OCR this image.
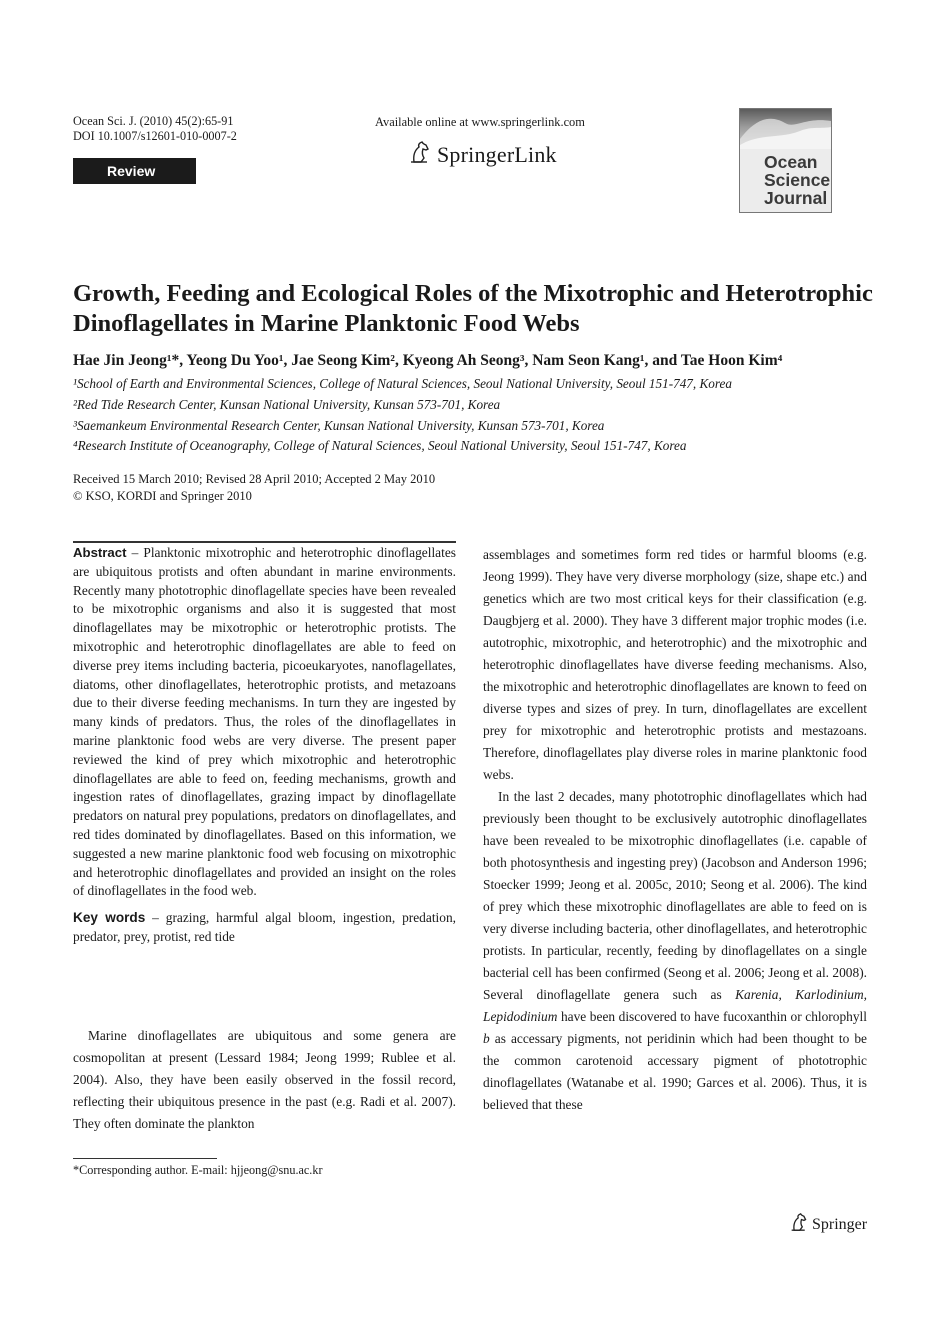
Ocean Sci. J. (2010) 45(2):65-91
DOI 10.1007/s12601-010-0007-2
Review
Available online at www.springerlink.com
SpringerLink	Ocean
Science
Journal
Growth, Feeding and Ecological Roles of the Mixotrophic and Heterotrophic
Dinoflagellates in Marine Planktonic Food Webs
Hae Jin Jeong¹*, Yeong Du Yoo¹, Jae Seong Kim², Kyeong Ah Seong³, Nam Seon Kang¹, and Tae Hoon Kim⁴
¹School of Earth and Environmental Sciences, College of Natural Sciences, Seoul National University, Seoul 151-747, Korea
²Red Tide Research Center, Kunsan National University, Kunsan 573-701, Korea
³Saemankeum Environmental Research Center, Kunsan National University, Kunsan 573-701, Korea
⁴Research Institute of Oceanography, College of Natural Sciences, Seoul National University, Seoul 151-747, Korea
Received 15 March 2010; Revised 28 April 2010; Accepted 2 May 2010
© KSO, KORDI and Springer 2010

Abstract – Planktonic mixotrophic and heterotrophic dinoflagellates are ubiquitous protists and often abundant in marine environments. Recently many phototrophic dinoflagellate species have been revealed to be mixotrophic organisms and also it is suggested that most dinoflagellates may be mixotrophic or heterotrophic protists. The mixotrophic and heterotrophic dinoflagellates are able to feed on diverse prey items including bacteria, picoeukaryotes, nanoflagellates, diatoms, other dinoflagellates, heterotrophic protists, and metazoans due to their diverse feeding mechanisms. In turn they are ingested by many kinds of predators. Thus, the roles of the dinoflagellates in marine planktonic food webs are very diverse. The present paper reviewed the kind of prey which mixotrophic and heterotrophic dinoflagellates are able to feed on, feeding mechanisms, growth and ingestion rates of dinoflagellates, grazing impact by dinoflagellate predators on natural prey populations, predators on dinoflagellates, and red tides dominated by dinoflagellates. Based on this information, we suggested a new marine planktonic food web focusing on mixotrophic and heterotrophic dinoflagellates and provided an insight on the roles of dinoflagellates in the food web.

Key words – grazing, harmful algal bloom, ingestion, predation, predator, prey, protist, red tide

Marine dinoflagellates are ubiquitous and some genera are cosmopolitan at present (Lessard 1984; Jeong 1999; Rublee et al. 2004). Also, they have been easily observed in the fossil record, reflecting their ubiquitous presence in the past (e.g. Radi et al. 2007). They often dominate the plankton

assemblages and sometimes form red tides or harmful blooms (e.g. Jeong 1999). They have very diverse morphology (size, shape etc.) and genetics which are two most critical keys for their classification (e.g. Daugbjerg et al. 2000). They have 3 different major trophic modes (i.e. autotrophic, mixotrophic, and heterotrophic) and the mixotrophic and heterotrophic dinoflagellates have diverse feeding mechanisms. Also, the mixotrophic and heterotrophic dinoflagellates are known to feed on diverse types and sizes of prey. In turn, dinoflagellates are excellent prey for mixotrophic and heterotrophic protists and mestazoans. Therefore, dinoflagellates play diverse roles in marine planktonic food webs.

In the last 2 decades, many phototrophic dinoflagellates which had previously been thought to be exclusively autotrophic dinoflagellates have been revealed to be mixotrophic dinoflagellates (i.e. capable of both photosynthesis and ingesting prey) (Jacobson and Anderson 1996; Stoecker 1999; Jeong et al. 2005c, 2010; Seong et al. 2006). The kind of prey which these mixotrophic dinoflagellates are able to feed on is very diverse including bacteria, other dinoflagellates, and heterotrophic protists. In particular, recently, feeding by dinoflagellates on a single bacterial cell has been confirmed (Seong et al. 2006; Jeong et al. 2008). Several dinoflagellate genera such as Karenia, Karlodinium, Lepidodinium have been discovered to have fucoxanthin or chlorophyll b as accessary pigments, not peridinin which had been thought to be the common carotenoid accessary pigment of phototrophic dinoflagellates (Watanabe et al. 1990; Garces et al. 2006). Thus, it is believed that these

*Corresponding author. E-mail: hjjeong@snu.ac.kr
Springer
